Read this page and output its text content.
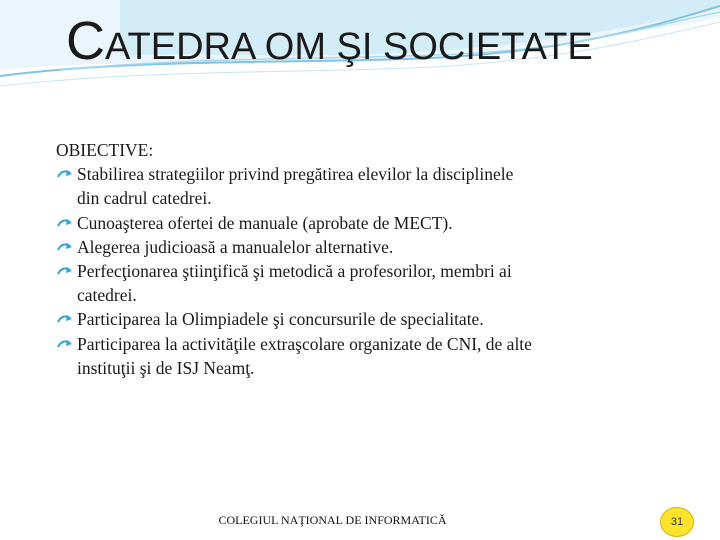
CATEDRA OM ŞI SOCIETATE
OBIECTIVE:
Stabilirea strategiilor privind pregătirea elevilor la disciplinele
din cadrul catedrei.
Cunoaşterea ofertei de manuale (aprobate de MECT).
Alegerea judicioasă a manualelor alternative.
Perfecţionarea ştiinţifică şi metodică a profesorilor, membri ai
catedrei.
Participarea la Olimpiadele şi concursurile de specialitate.
Participarea la activităţile extraşcolare organizate de CNI, de alte
instituţii şi de ISJ Neamţ.
COLEGIUL NAŢIONAL DE INFORMATICĂ	31
